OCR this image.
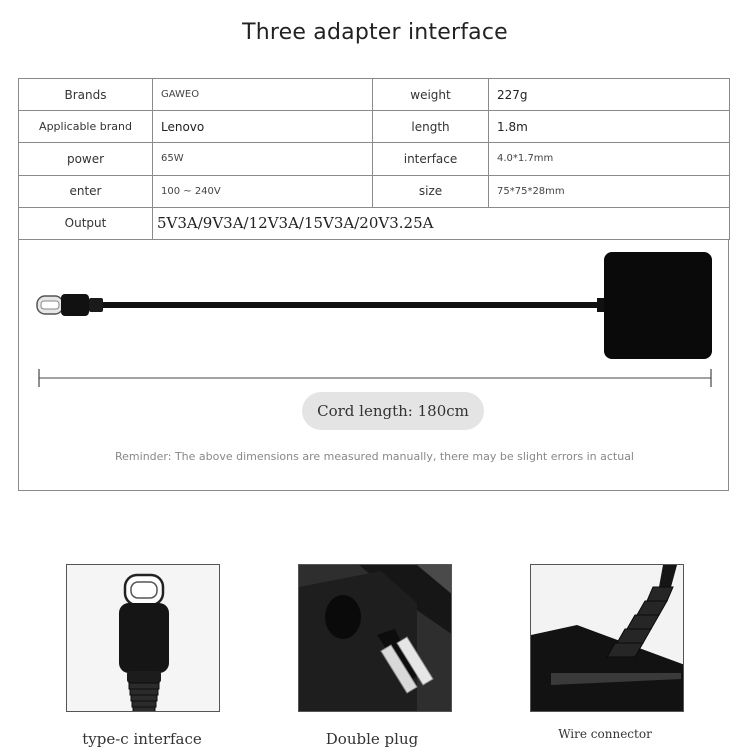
Three adapter interface
Brands	GAWEO	weight	227g
Applicable brand	Lenovo	length	1.8m
power	65W	interface	4.0*1.7mm
enter	100 ~ 240V	size	75*75*28mm
Output	5V3A/9V3A/12V3A/15V3A/20V3.25A		
Cord length: 180cm
Reminder: The above dimensions are measured manually, there may be slight errors in actual
type-c interface	Double plug	Wire connector
